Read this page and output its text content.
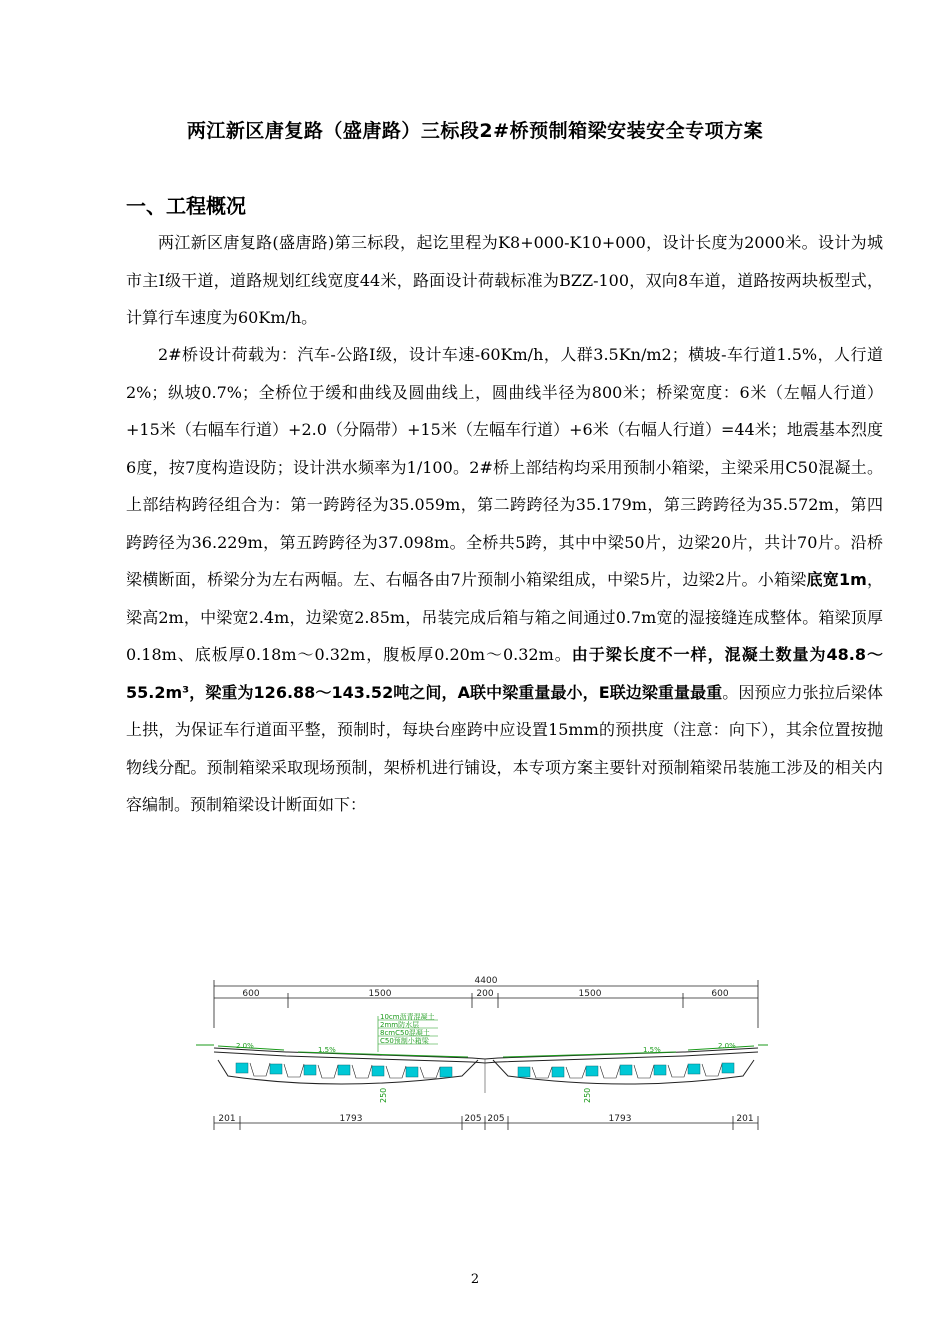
两江新区唐复路（盛唐路）三标段2#桥预制箱梁安装安全专项方案
一、工程概况

两江新区唐复路(盛唐路)第三标段，起讫里程为K8+000-K10+000，设计长度为2000米。设计为城市主Ⅰ级干道，道路规划红线宽度44米，路面设计荷载标准为BZZ-100，双向8车道，道路按两块板型式，计算行车速度为60Km/h。

2#桥设计荷载为：汽车-公路Ⅰ级，设计车速-60Km/h，人群3.5Kn/m2；横坡-车行道1.5%，人行道2%；纵坡0.7%；全桥位于缓和曲线及圆曲线上，圆曲线半径为800米；桥梁宽度：6米（左幅人行道）+15米（右幅车行道）+2.0（分隔带）+15米（左幅车行道）+6米（右幅人行道）=44米；地震基本烈度6度，按7度构造设防；设计洪水频率为1/100。2#桥上部结构均采用预制小箱梁，主梁采用C50混凝土。上部结构跨径组合为：第一跨跨径为35.059m，第二跨跨径为35.179m，第三跨跨径为35.572m，第四跨跨径为36.229m，第五跨跨径为37.098m。全桥共5跨，其中中梁50片，边梁20片，共计70片。沿桥梁横断面，桥梁分为左右两幅。左、右幅各由7片预制小箱梁组成，中梁5片，边梁2片。小箱梁底宽1m，梁高2m，中梁宽2.4m，边梁宽2.85m，吊装完成后箱与箱之间通过0.7m宽的湿接缝连成整体。箱梁顶厚0.18m、底板厚0.18m～0.32m，腹板厚0.20m～0.32m。由于梁长度不一样，混凝土数量为48.8～55.2m³，梁重为126.88～143.52吨之间，A联中梁重量最小，E联边梁重量最重。因预应力张拉后梁体上拱，为保证车行道面平整，预制时，每块台座跨中应设置15mm的预拱度（注意：向下），其余位置按抛物线分配。预制箱梁采取现场预制，架桥机进行铺设，本专项方案主要针对预制箱梁吊装施工涉及的相关内容编制。预制箱梁设计断面如下：

4400
600	1500	200	1500	600
201	1793	205 205	1793	201
2.0%	1.5%	1.5%	2.0%
10cm沥青混凝土
2mm防水层
8cmC50混凝土
C50预制小箱梁
250	250
2
